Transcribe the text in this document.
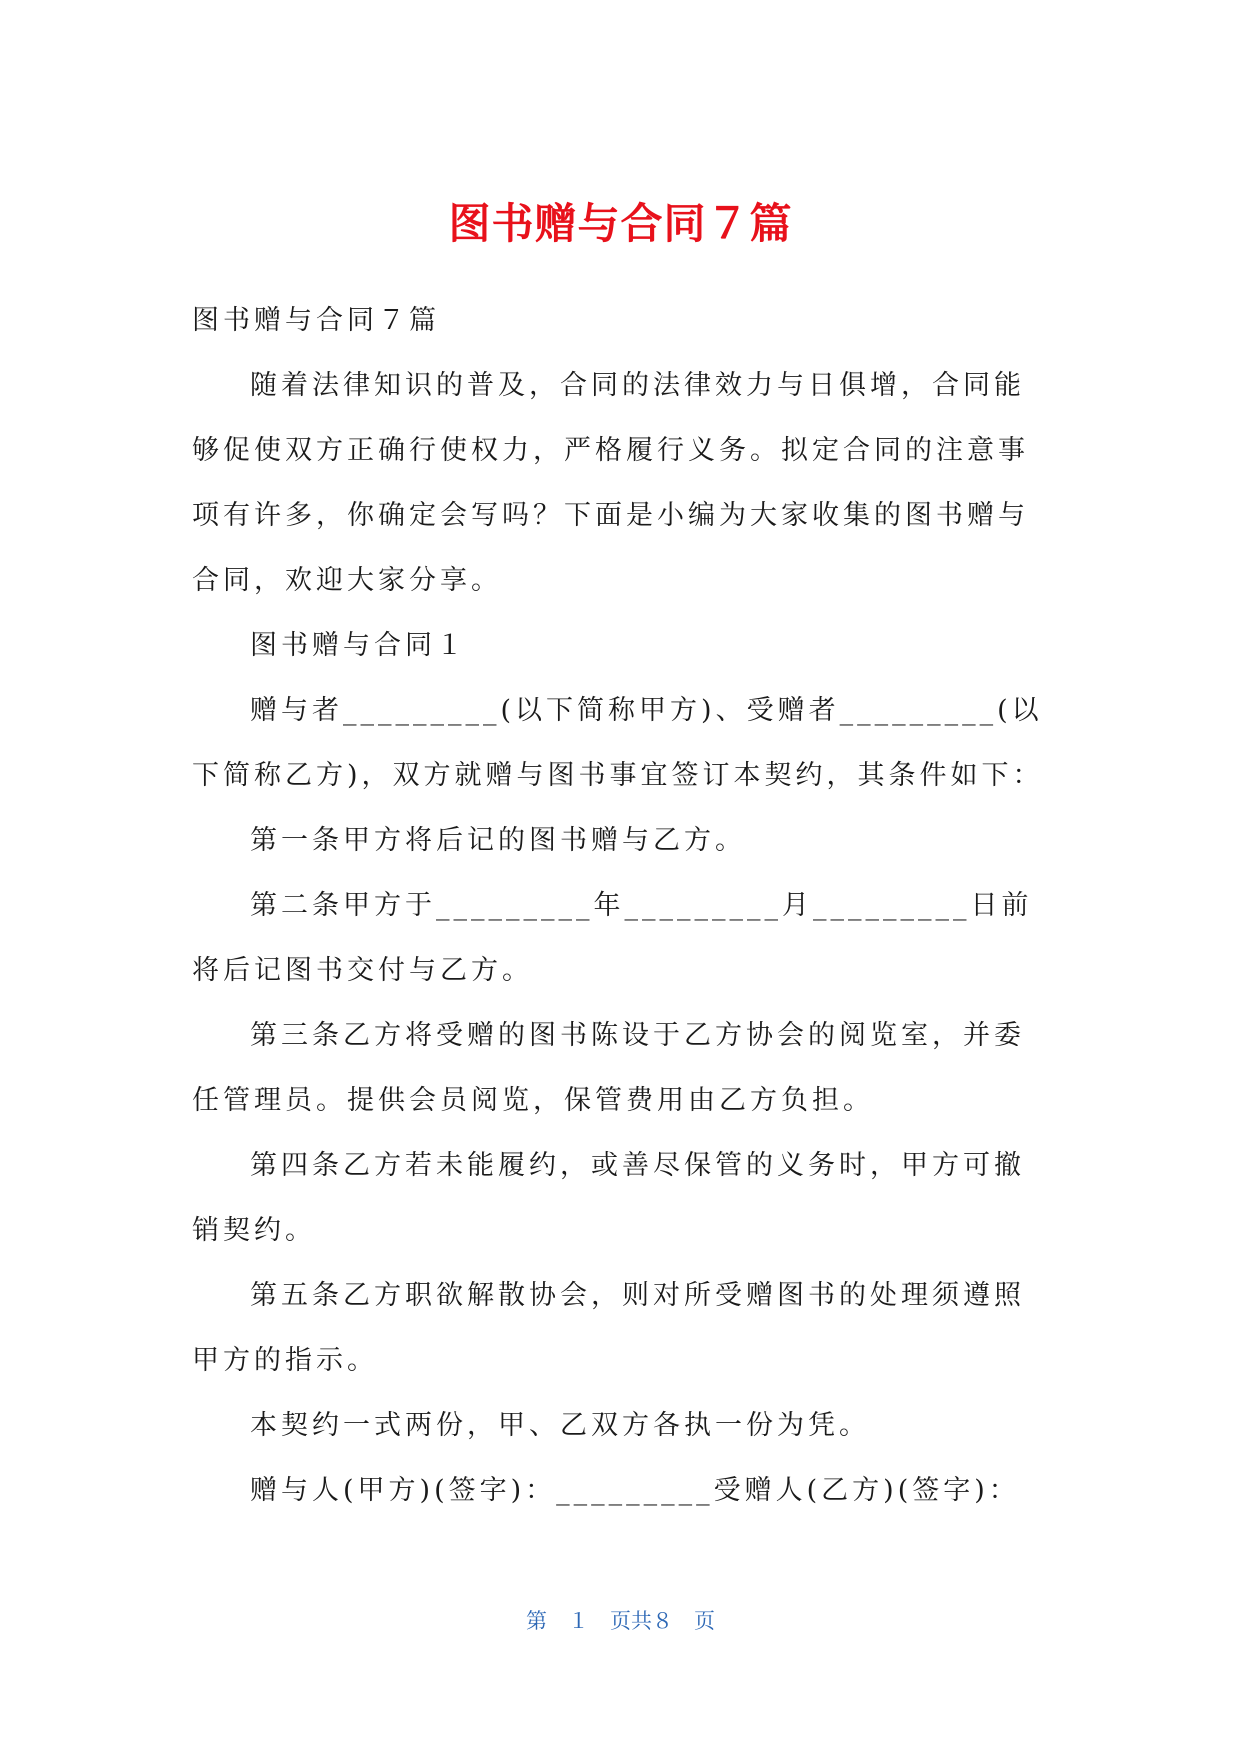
图书赠与合同７篇

图书赠与合同７篇

随着法律知识的普及，合同的法律效力与日俱增，合同能够促使双方正确行使权力，严格履行义务。拟定合同的注意事项有许多，你确定会写吗？下面是小编为大家收集的图书赠与合同，欢迎大家分享。

图书赠与合同１

赠与者_________(以下简称甲方)、受赠者_________(以下简称乙方)，双方就赠与图书事宜签订本契约，其条件如下：

第一条甲方将后记的图书赠与乙方。

第二条甲方于_________年_________月_________日前将后记图书交付与乙方。

第三条乙方将受赠的图书陈设于乙方协会的阅览室，并委任管理员。提供会员阅览，保管费用由乙方负担。

第四条乙方若未能履约，或善尽保管的义务时，甲方可撤销契约。

第五条乙方职欲解散协会，则对所受赠图书的处理须遵照甲方的指示。

本契约一式两份，甲、乙双方各执一份为凭。

赠与人(甲方)(签字)：_________受赠人(乙方)(签字)：

第　１　页共８　页
